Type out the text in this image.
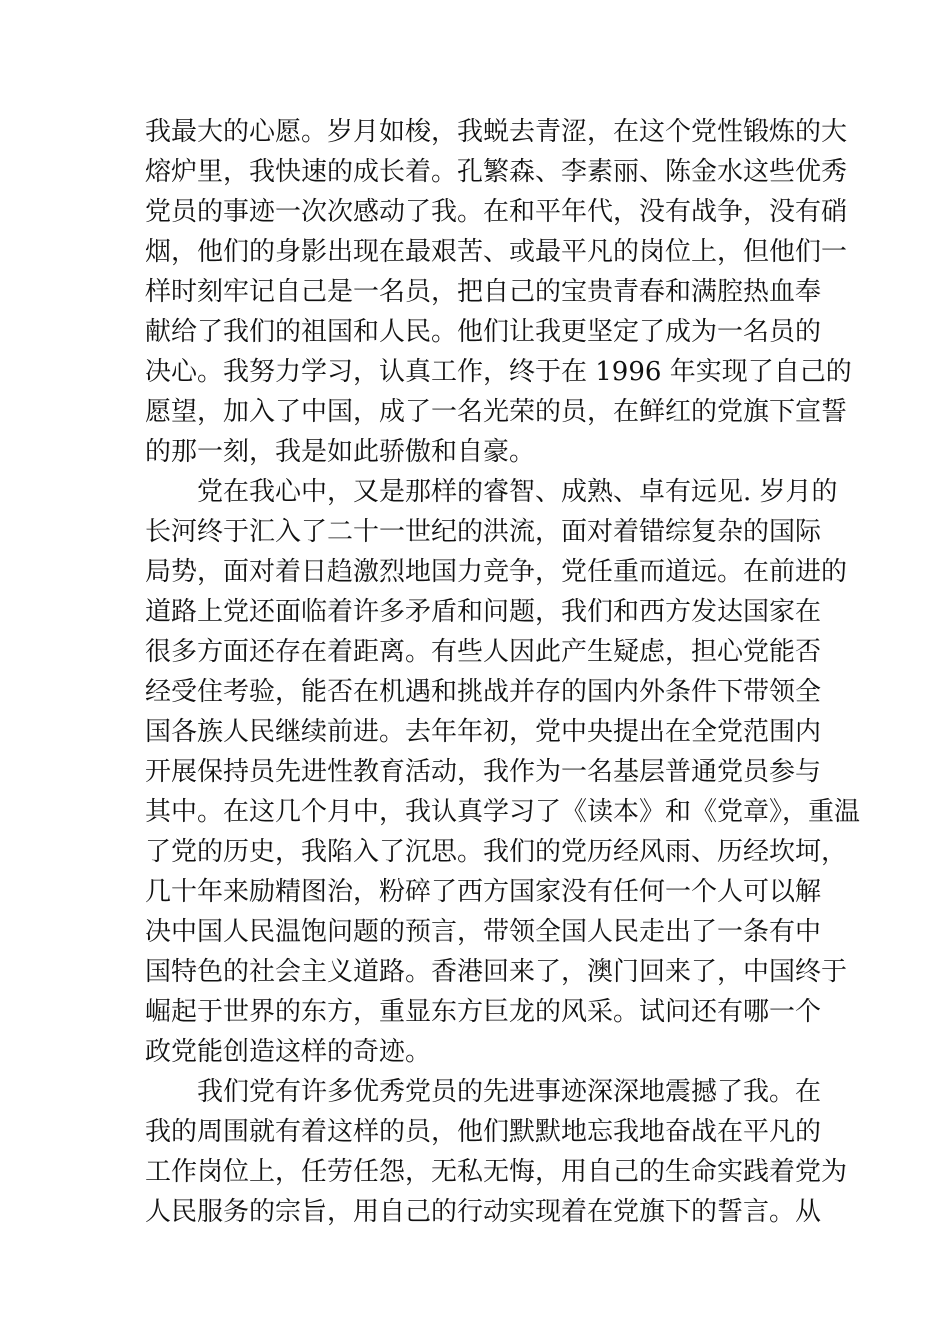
我最大的心愿。岁月如梭，我蜕去青涩，在这个党性锻炼的大
熔炉里，我快速的成长着。孔繁森、李素丽、陈金水这些优秀
党员的事迹一次次感动了我。在和平年代，没有战争，没有硝
烟，他们的身影出现在最艰苦、或最平凡的岗位上，但他们一
样时刻牢记自己是一名员，把自己的宝贵青春和满腔热血奉
献给了我们的祖国和人民。他们让我更坚定了成为一名员的
决心。我努力学习，认真工作，终于在 1996 年实现了自己的
愿望，加入了中国，成了一名光荣的员，在鲜红的党旗下宣誓
的那一刻，我是如此骄傲和自豪。
党在我心中，又是那样的睿智、成熟、卓有远见. 岁月的
长河终于汇入了二十一世纪的洪流，面对着错综复杂的国际
局势，面对着日趋激烈地国力竞争，党任重而道远。在前进的
道路上党还面临着许多矛盾和问题，我们和西方发达国家在
很多方面还存在着距离。有些人因此产生疑虑，担心党能否
经受住考验，能否在机遇和挑战并存的国内外条件下带领全
国各族人民继续前进。去年年初，党中央提出在全党范围内
开展保持员先进性教育活动，我作为一名基层普通党员参与
其中。在这几个月中，我认真学习了《读本》和《党章》，重温
了党的历史，我陷入了沉思。我们的党历经风雨、历经坎坷，
几十年来励精图治，粉碎了西方国家没有任何一个人可以解
决中国人民温饱问题的预言，带领全国人民走出了一条有中
国特色的社会主义道路。香港回来了，澳门回来了，中国终于
崛起于世界的东方，重显东方巨龙的风采。试问还有哪一个
政党能创造这样的奇迹。
我们党有许多优秀党员的先进事迹深深地震撼了我。在
我的周围就有着这样的员，他们默默地忘我地奋战在平凡的
工作岗位上，任劳任怨，无私无悔，用自己的生命实践着党为
人民服务的宗旨，用自己的行动实现着在党旗下的誓言。从
